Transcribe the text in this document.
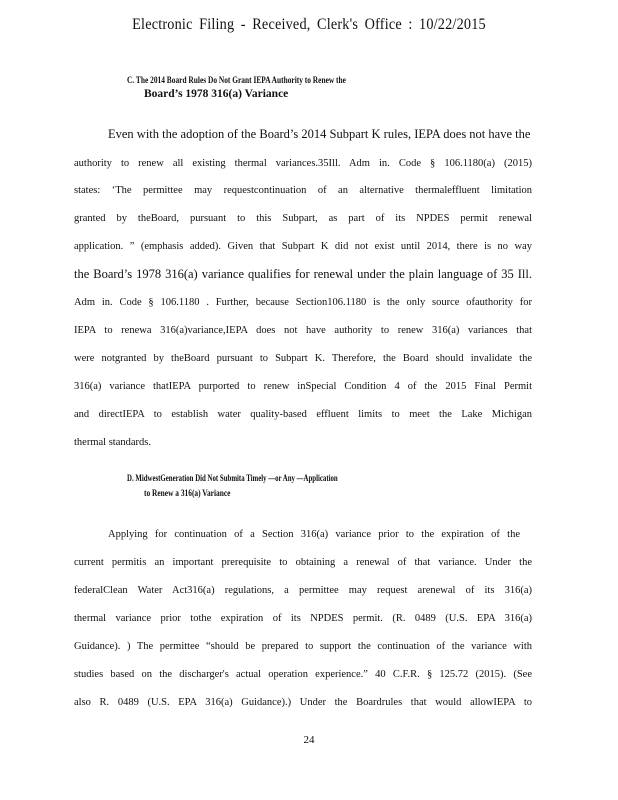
Electronic Filing - Received, Clerk's Office : 10/22/2015
C. The 2014 Board Rules Do Not Grant IEPA Authority to Renew the
Board’s 1978 316(a) Variance
Even with the adoption of the Board’s 2014 Subpart K rules, IEPA does not have the
authority to renew all existing thermal variances.35Ill. Adm in. Code § 106.1180(a) (2015)
states: ‘The permittee may requestcontinuation of an alternative thermaleffluent limitation
granted by theBoard, pursuant to this Subpart, as part of its NPDES permit renewal
application. ” (emphasis added). Given that Subpart K did not exist until 2014, there is no way
the Board’s 1978 316(a) variance qualifies for renewal under the plain language of 35 Ill.
Adm in. Code § 106.1180 . Further, because Section106.1180 is the only source ofauthority for
IEPA to renewa 316(a)variance,IEPA does not have authority to renew 316(a) variances that
were notgranted by theBoard pursuant to Subpart K. Therefore, the Board should invalidate the
316(a) variance thatIEPA purported to renew inSpecial Condition 4 of the 2015 Final Permit
and directIEPA to establish water quality-based effluent limits to meet the Lake Michigan
thermal standards.
D. MidwestGeneration Did Not Submita Timely —or Any —Application
to Renew a 316(a) Variance
Applying for continuation of a Section 316(a) variance prior to the expiration of the
current permitis an important prerequisite to obtaining a renewal of that variance. Under the
federalClean Water Act316(a) regulations, a permittee may request arenewal of its 316(a)
thermal variance prior tothe expiration of its NPDES permit. (R. 0489 (U.S. EPA 316(a)
Guidance). ) The permittee “should be prepared to support the continuation of the variance with
studies based on the discharger's actual operation experience.” 40 C.F.R. § 125.72 (2015). (See
also R. 0489 (U.S. EPA 316(a) Guidance).) Under the Boardrules that would allowIEPA to
24
